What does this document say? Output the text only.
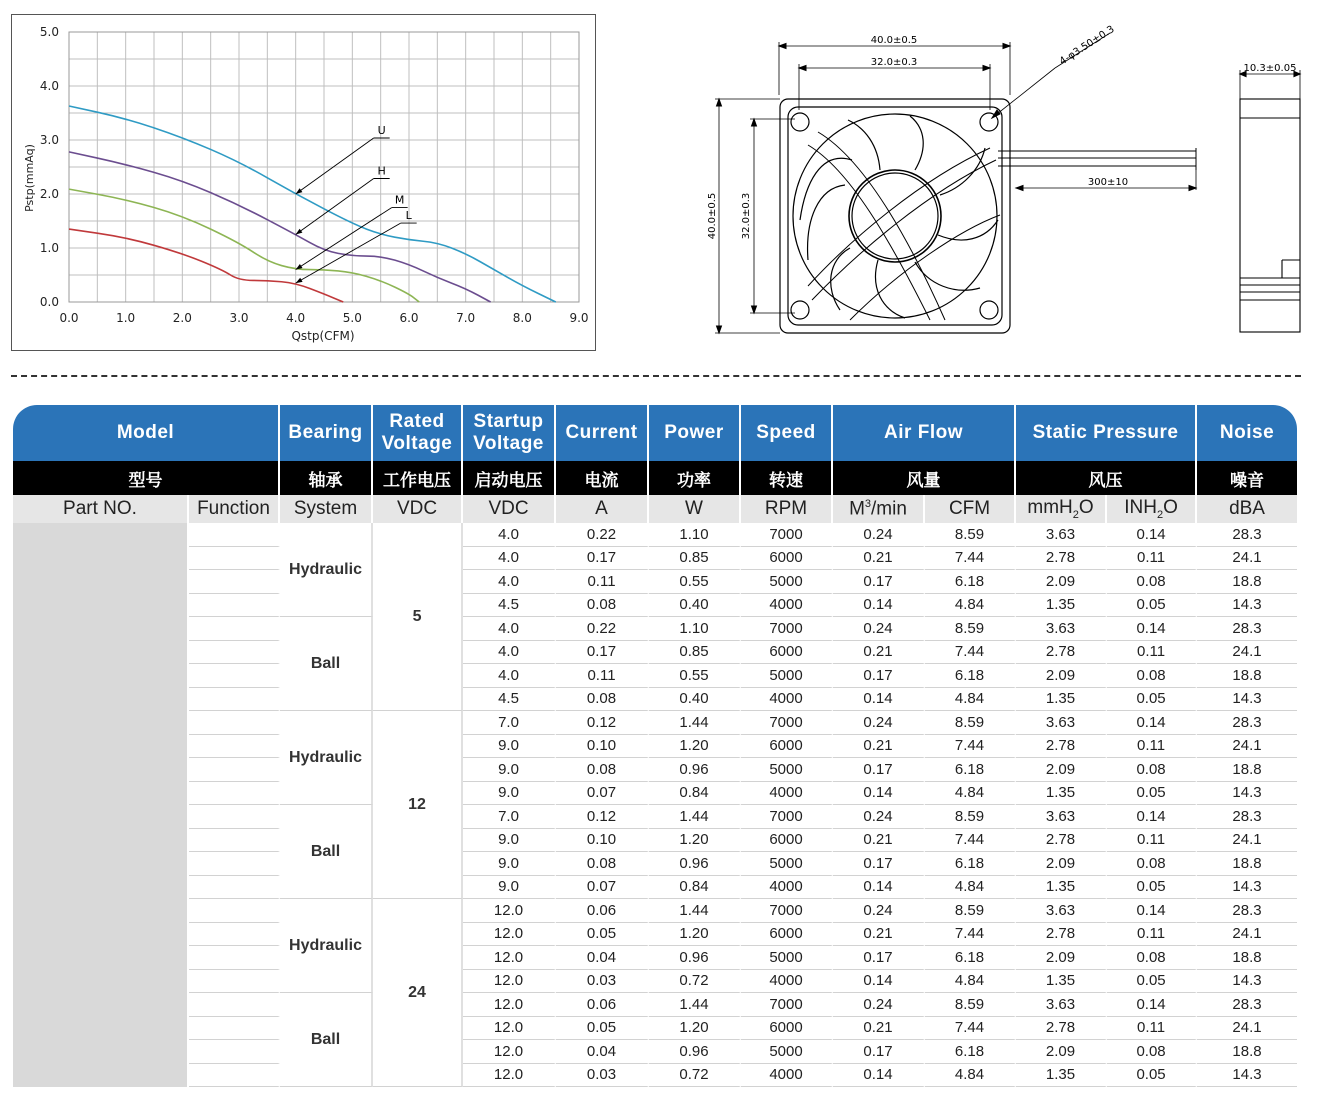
0.0	1.0	2.0	3.0	4.0	5.0	6.0	7.0	8.0	9.0
0.0
1.0
2.0
3.0
4.0
5.0
U
H
M
L
Pstp(mmAq)
Qstp(CFM)
40.0±0.5
32.0±0.3	4-φ3.50±0.3
40.0±0.5 32.0±0.3
300±10
10.3±0.05
Model		Bearing	Rated Voltage	Startup Voltage	Current	Power	Speed	Air Flow		Static Pressure		Noise
型号		轴承	工作电压	启动电压	电流	功率	转速	风量		风压		噪音
Part NO.	Function	System	VDC	VDC	A	W	RPM	$M^3/\min$	CFM	mmH$_2$O	$INH_2O$	dBA
		Hydraulic	5	4.0	0.22	1.10	7000	0.24	8.59	3.63	0.14	28.3
				4.0	0.17	0.85	6000	0.21	7.44	2.78	0.11	24.1
				4.0	0.11	0.55	5000	0.17	6.18	2.09	0.08	18.8
				4.5	0.08	0.40	4000	0.14	4.84	1.35	0.05	14.3
		Ball		4.0	0.22	1.10	7000	0.24	8.59	3.63	0.14	28.3
				4.0	0.17	0.85	6000	0.21	7.44	2.78	0.11	24.1
				4.0	0.11	0.55	5000	0.17	6.18	2.09	0.08	18.8
				4.5	0.08	0.40	4000	0.14	4.84	1.35	0.05	14.3
		Hydraulic	12	7.0	0.12	1.44	7000	0.24	8.59	3.63	0.14	28.3
				9.0	0.10	1.20	6000	0.21	7.44	2.78	0.11	24.1
				9.0	0.08	0.96	5000	0.17	6.18	2.09	0.08	18.8
				9.0	0.07	0.84	4000	0.14	4.84	1.35	0.05	14.3
		Ball		7.0	0.12	1.44	7000	0.24	8.59	3.63	0.14	28.3
				9.0	0.10	1.20	6000	0.21	7.44	2.78	0.11	24.1
				9.0	0.08	0.96	5000	0.17	6.18	2.09	0.08	18.8
				9.0	0.07	0.84	4000	0.14	4.84	1.35	0.05	14.3
		Hydraulic	24	12.0	0.06	1.44	7000	0.24	8.59	3.63	0.14	28.3
				12.0	0.05	1.20	6000	0.21	7.44	2.78	0.11	24.1
				12.0	0.04	0.96	5000	0.17	6.18	2.09	0.08	18.8
				12.0	0.03	0.72	4000	0.14	4.84	1.35	0.05	14.3
		Ball		12.0	0.06	1.44	7000	0.24	8.59	3.63	0.14	28.3
				12.0	0.05	1.20	6000	0.21	7.44	2.78	0.11	24.1
				12.0	0.04	0.96	5000	0.17	6.18	2.09	0.08	18.8
				12.0	0.03	0.72	4000	0.14	4.84	1.35	0.05	14.3
